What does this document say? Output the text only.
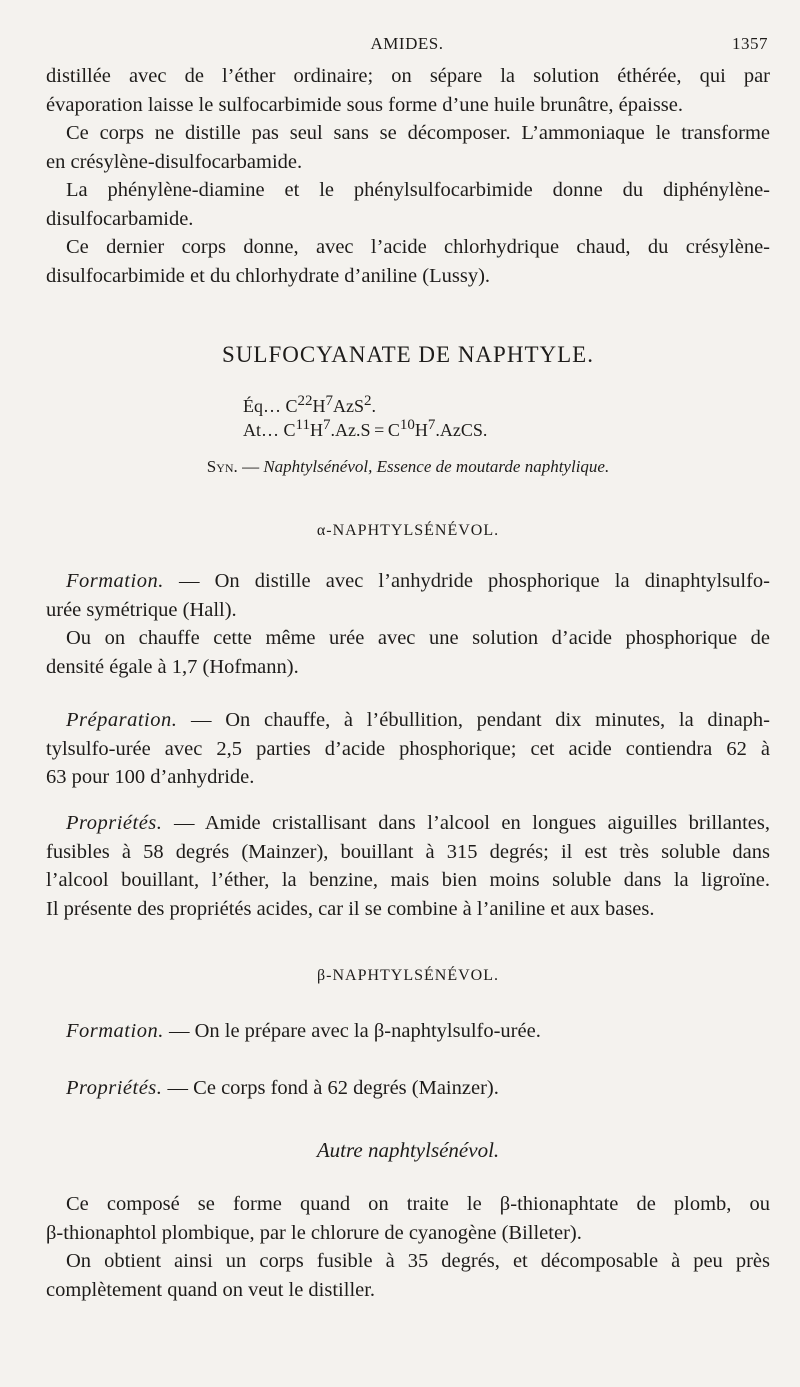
AMIDES.	1357

distillée avec de l’éther ordinaire; on sépare la solution éthérée, qui par
évaporation laisse le sulfocarbimide sous forme d’une huile brunâtre, épaisse.

Ce corps ne distille pas seul sans se décomposer. L’ammoniaque le transforme
en crésylène-disulfocarbamide.

La phénylène-diamine et le phénylsulfocarbimide donne du diphénylène-
disulfocarbamide.

Ce dernier corps donne, avec l’acide chlorhydrique chaud, du crésylène-
disulfocarbimide et du chlorhydrate d’aniline (Lussy).

SULFOCYANATE DE NAPHTYLE.
Éq… $C^{22}H^7AzS^2$.
At… $C^{11}H^7.Az.S$ = $C^{10}H^7.AzCS$.
Syn. — Naphtylsénévol, Essence de moutarde naphtylique.
α-NAPHTYLSÉNÉVOL.
Formation. — On distille avec l’anhydride phosphorique la dinaphtylsulfo-
urée symétrique (Hall).
Ou on chauffe cette même urée avec une solution d’acide phosphorique de
densité égale à 1,7 (Hofmann).
Préparation. — On chauffe, à l’ébullition, pendant dix minutes, la dinaph-
tylsulfo-urée avec 2,5 parties d’acide phosphorique; cet acide contiendra 62 à
63 pour 100 d’anhydride.
Propriétés. — Amide cristallisant dans l’alcool en longues aiguilles brillantes,
fusibles à 58 degrés (Mainzer), bouillant à 315 degrés; il est très soluble dans
l’alcool bouillant, l’éther, la benzine, mais bien moins soluble dans la ligroïne.
Il présente des propriétés acides, car il se combine à l’aniline et aux bases.
β-NAPHTYLSÉNÉVOL.
Formation. — On le prépare avec la β-naphtylsulfo-urée.
Propriétés. — Ce corps fond à 62 degrés (Mainzer).
Autre naphtylsénévol.
Ce composé se forme quand on traite le β-thionaphtate de plomb, ou
β-thionaphtol plombique, par le chlorure de cyanogène (Billeter).
On obtient ainsi un corps fusible à 35 degrés, et décomposable à peu près
complètement quand on veut le distiller.
